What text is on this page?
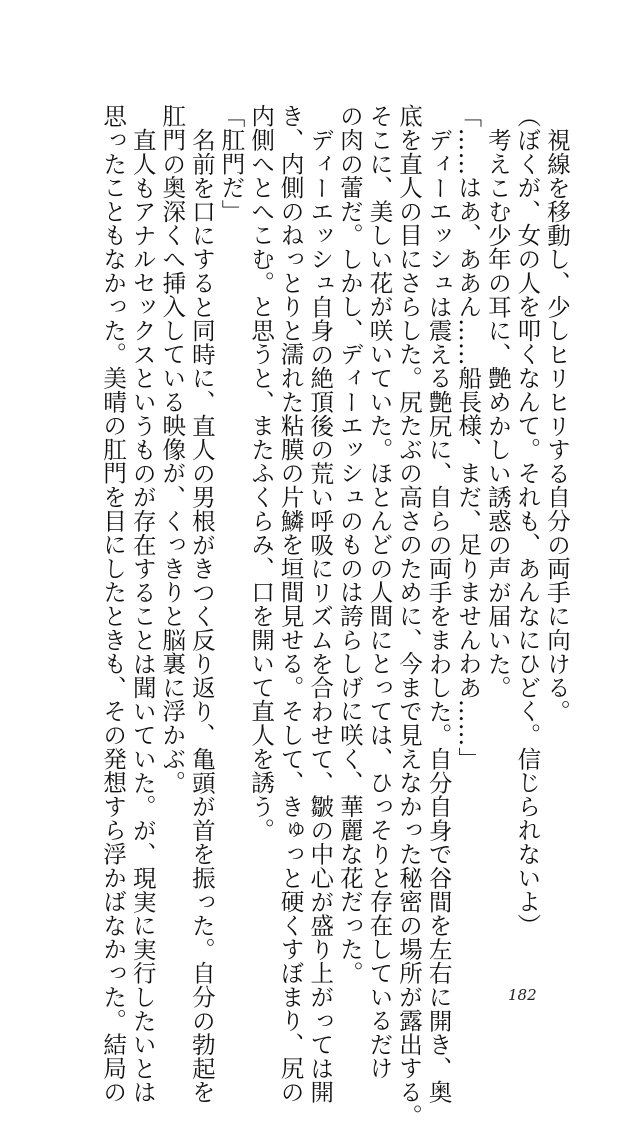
視線を移動し、少しヒリヒリする自分の両手に向ける。

（ぼくが、女の人を叩くなんて。それも、あんなにひどく。信じられないよ）

考えこむ少年の耳に、艶めかしい誘惑の声が届いた。

「……はあ、ああん……船長様、まだ、足りませんわあ……」

ディーエッシュは震える艶尻に、自らの両手をまわした。自分自身で谷間を左右に開き、奥

底を直人の目にさらした。尻たぶの高さのために、今まで見えなかった秘密の場所が露出する。

そこに、美しい花が咲いていた。ほとんどの人間にとっては、ひっそりと存在しているだけ

の肉の蕾だ。しかし、ディーエッシュのものは誇らしげに咲く、華麗な花だった。

ディーエッシュ自身の絶頂後の荒い呼吸にリズムを合わせて、皺の中心が盛り上がっては開

き、内側のねっとりと濡れた粘膜の片鱗を垣間見せる。そして、きゅっと硬くすぼまり、尻の

内側へとへこむ。と思うと、またふくらみ、口を開いて直人を誘う。

「肛門だ」

名前を口にすると同時に、直人の男根がきつく反り返り、亀頭が首を振った。自分の勃起を

肛門の奥深くへ挿入している映像が、くっきりと脳裏に浮かぶ。

直人もアナルセックスというものが存在することは聞いていた。が、現実に実行したいとは

思ったこともなかった。美晴の肛門を目にしたときも、その発想すら浮かばなかった。結局の	182
